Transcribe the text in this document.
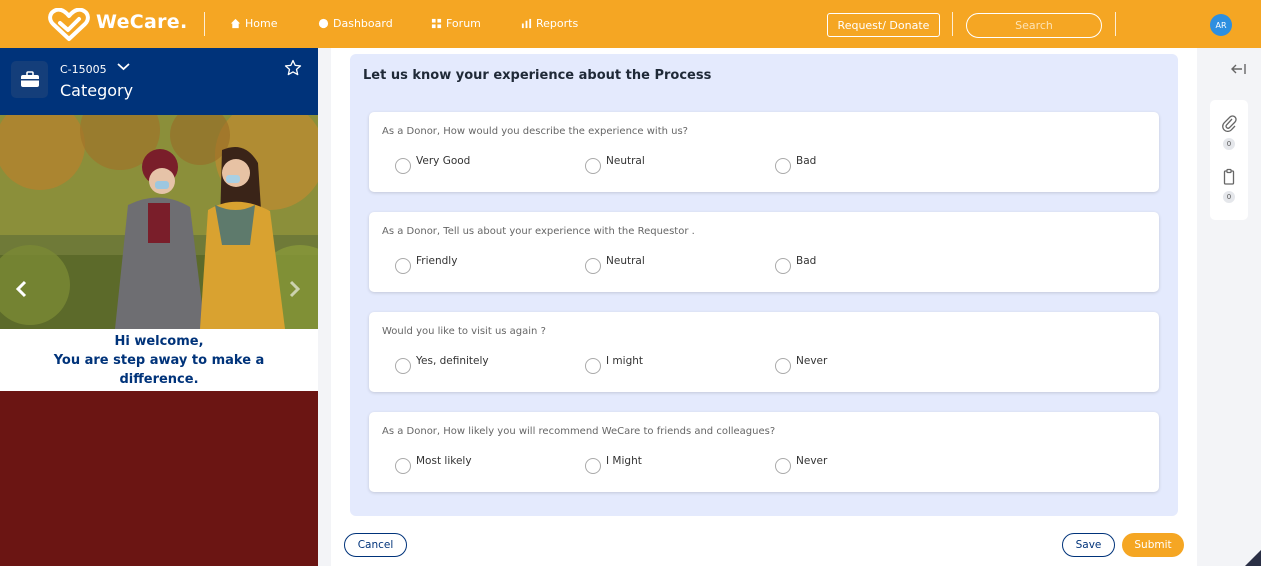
WeCare.	Home	Dashboard	Forum	Reports	Request/ Donate
Search	AR
C-15005
Category
Hi welcome,
You are step away to make a difference.
Let us know your experience about the Process
As a Donor, How would you describe the experience with us?
Very Good	Neutral	Bad
As a Donor, Tell us about your experience with the Requestor .
Friendly	Neutral	Bad
Would you like to visit us again ?
Yes, definitely	I might	Never
As a Donor, How likely you will recommend WeCare to friends and colleagues?
Most likely	I Might	Never
Cancel	Save	Submit
0
0
